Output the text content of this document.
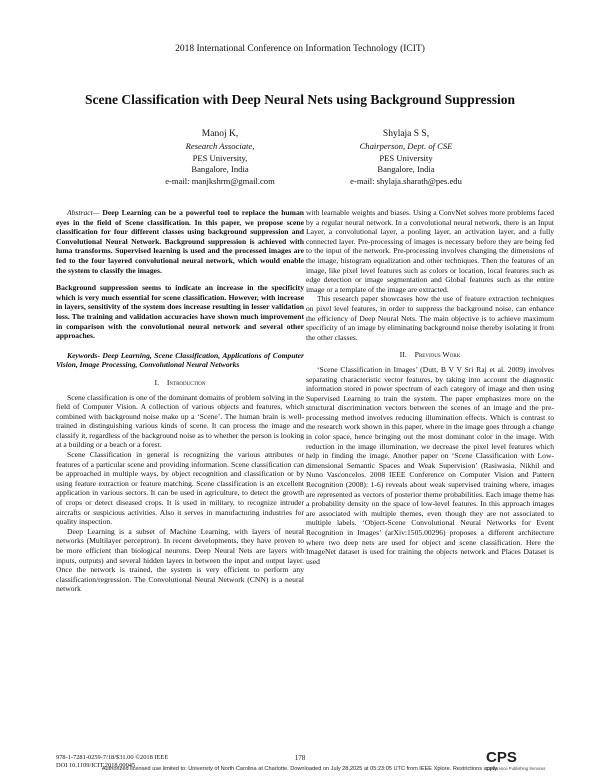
2018 International Conference on Information Technology (ICIT)
Scene Classification with Deep Neural Nets using Background Suppression
Manoj K,
Research Associate,
PES University,
Bangalore, India
e-mail: manjkshrm@gmail.com
Shylaja S S,
Chairperson, Dept. of CSE
PES University
Bangalore, India
e-mail: shylaja.sharath@pes.edu

Abstract— Deep Learning can be a powerful tool to replace the human eyes in the field of Scene classification. In this paper, we propose scene classification for four different classes using background suppression and Convolutional Neural Network. Background suppression is achieved with luma transforms. Supervised learning is used and the processed images are fed to the four layered convolutional neural network, which would enable the system to classify the images.

Background suppression seems to indicate an increase in the specificity which is very much essential for scene classification. However, with increase in layers, sensitivity of the system does increase resulting in lesser validation loss. The training and validation accuracies have shown much improvement in comparison with the convolutional neural network and several other approaches.

Keywords- Deep Learning, Scene Classification, Applications of Computer Vision, Image Processing, Convolutional Neural Networks

I. Introduction

Scene classification is one of the dominant domains of problem solving in the field of Computer Vision. A collection of various objects and features, which combined with background noise make up a ‘Scene’. The human brain is well-trained in distinguishing various kinds of scene. It can process the image and classify it, regardless of the background noise as to whether the person is looking at a building or a beach or a forest.

Scene Classification in general is recognizing the various attributes or features of a particular scene and providing information. Scene classification can be approached in multiple ways, by object recognition and classification or by using feature extraction or feature matching. Scene classification is an excellent application in various sectors. It can be used in agriculture, to detect the growth of crops or detect diseased crops. It is used in military, to recognize intruder aircrafts or suspicious activities. Also it serves in manufacturing industries for quality inspection.

Deep Learning is a subset of Machine Learning, with layers of neural networks (Multilayer perceptron). In recent developments, they have proven to be more efficient than biological neurons. Deep Neural Nets are layers with inputs, outputs) and several hidden layers in between the input and output layer. Once the network is trained, the system is very efficient to perform any classification/regression. The Convolutional Neural Network (CNN) is a neural network

with learnable weights and biases. Using a ConvNet solves more problems faced by a regular neural network. In a convolutional neural network, there is an Input Layer, a convolutional layer, a pooling layer, an activation layer, and a fully connected layer. Pre-processing of images is necessary before they are being fed to the input of the network. Pre-processing involves changing the dimensions of the image, histogram equalization and other techniques. Then the features of an image, like pixel level features such as colors or location, local features such as edge detection or image segmentation and Global features such as the entire image or a template of the image are extracted.

This research paper showcases how the use of feature extraction techniques on pixel level features, in order to suppress the background noise, can enhance the efficiency of Deep Neural Nets. The main objective is to achieve maximum specificity of an image by eliminating background noise thereby isolating it from the other classes.

II. Previous Work

‘Scene Classification in Images’ (Dutt, B V V Sri Raj et al. 2009) involves separating characteristic vector features, by taking into account the diagnostic information stored in power spectrum of each category of image and then using Supervised Learning to train the system. The paper emphasizes more on the structural discrimination vectors between the scenes of an image and the pre-processing method involves reducing illumination effects. Which is contrast to the research work shown in this paper, where in the image goes through a change in color space, hence bringing out the most dominant color in the image. With reduction in the image illumination, we decrease the pixel level features which help in finding the image. Another paper on ‘Scene Classification with Low-dimensional Semantic Spaces and Weak Supervision’ (Rasiwasia, Nikhil and Nuno Vasconcelos. 2008 IEEE Conference on Computer Vision and Pattern Recognition (2008): 1-6) reveals about weak supervised training where, images are represented as vectors of posterior theme probabilities. Each image theme has a probability density on the space of low-level features. In this approach images are associated with multiple themes, even though they are not associated to multiple labels. ‘Object-Scene Convolutional Neural Networks for Event Recognition in Images’ (arXiv:1505.00296) proposes a different architecture where two deep nets are used for object and scene classification. Here the ImageNet dataset is used for training the objects network and Places Dataset is used

978-1-7281-0259-7/18/$31.00 ©2018 IEEE
DOI 10.1109/ICIT.2018.00045
178	CPS
Conference Publishing Services
Authorized licensed use limited to: University of North Carolina at Charlotte. Downloaded on July 28,2025 at 05:23:05 UTC from IEEE Xplore. Restrictions apply.
